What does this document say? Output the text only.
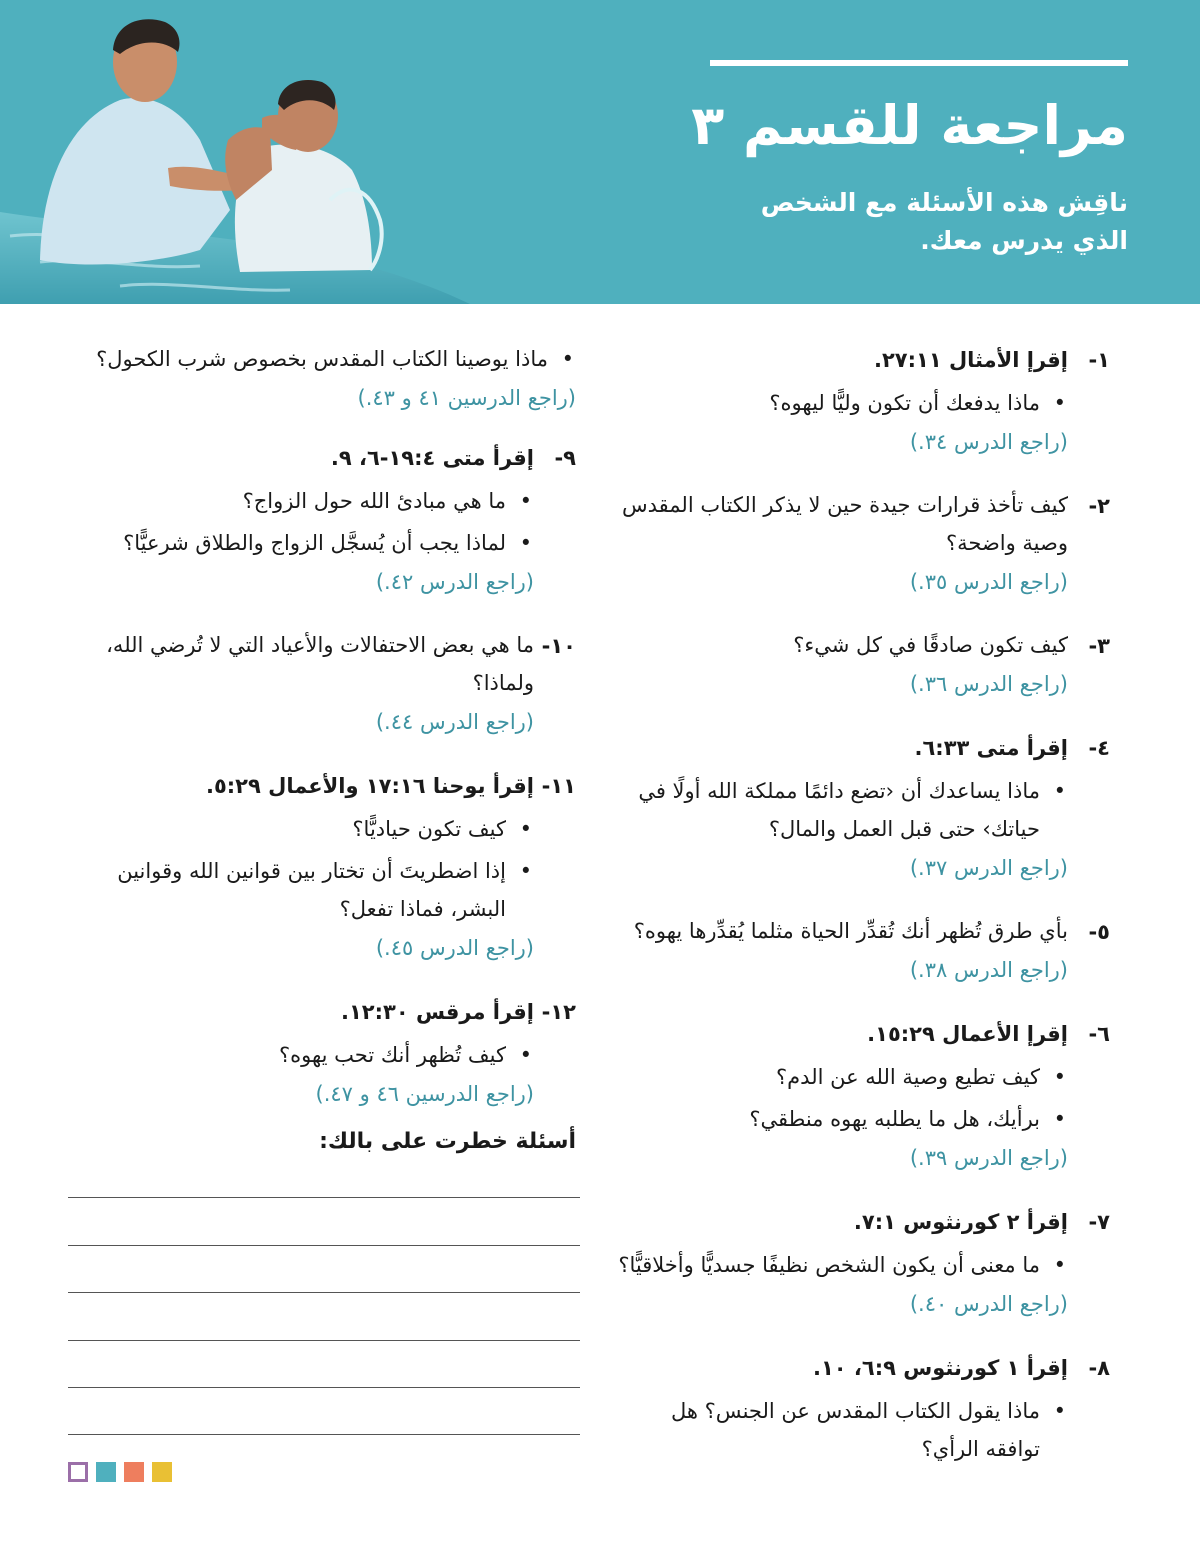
مراجعة للقسم ٣
ناقِش هذه الأسئلة مع الشخص
الذي يدرس معك.
١-
إقرإ الأمثال ٢٧:١١.
•
ماذا يدفعك أن تكون وليًّا ليهوه؟
(راجع الدرس ٣٤.)
٢-
كيف تأخذ قرارات جيدة حين لا يذكر الكتاب المقدس وصية واضحة؟
(راجع الدرس ٣٥.)
٣-
كيف تكون صادقًا في كل شيء؟
(راجع الدرس ٣٦.)
٤-
إقرأ متى ٦:٣٣.
•
ماذا يساعدك أن ‹تضع دائمًا مملكة الله أولًا في حياتك› حتى قبل العمل والمال؟
(راجع الدرس ٣٧.)
٥-
بأي طرق تُظهر أنك تُقدِّر الحياة مثلما يُقدِّرها يهوه؟
(راجع الدرس ٣٨.)
٦-
إقرإ الأعمال ١٥:٢٩.
•
كيف تطيع وصية الله عن الدم؟
•
برأيك، هل ما يطلبه يهوه منطقي؟
(راجع الدرس ٣٩.)
٧-
إقرأ ٢ كورنثوس ٧:١.
•
ما معنى أن يكون الشخص نظيفًا جسديًّا وأخلاقيًّا؟
(راجع الدرس ٤٠.)
٨-
إقرأ ١ كورنثوس ٦:٩، ١٠.
•
ماذا يقول الكتاب المقدس عن الجنس؟ هل توافقه الرأي؟
•
ماذا يوصينا الكتاب المقدس بخصوص شرب الكحول؟
(راجع الدرسين ٤١ و ٤٣.)
٩-
إقرأ متى ١٩:٤-٦، ٩.
•
ما هي مبادئ الله حول الزواج؟
•
لماذا يجب أن يُسجَّل الزواج والطلاق شرعيًّا؟
(راجع الدرس ٤٢.)
١٠-
ما هي بعض الاحتفالات والأعياد التي لا تُرضي الله، ولماذا؟
(راجع الدرس ٤٤.)
١١-
إقرأ يوحنا ١٧:١٦ والأعمال ٥:٢٩.
•
كيف تكون حياديًّا؟
•
إذا اضطريتَ أن تختار بين قوانين الله وقوانين البشر، فماذا تفعل؟
(راجع الدرس ٤٥.)
١٢-
إقرأ مرقس ١٢:٣٠.
•
كيف تُظهر أنك تحب يهوه؟
(راجع الدرسين ٤٦ و ٤٧.)
أسئلة خطرت على بالك:
